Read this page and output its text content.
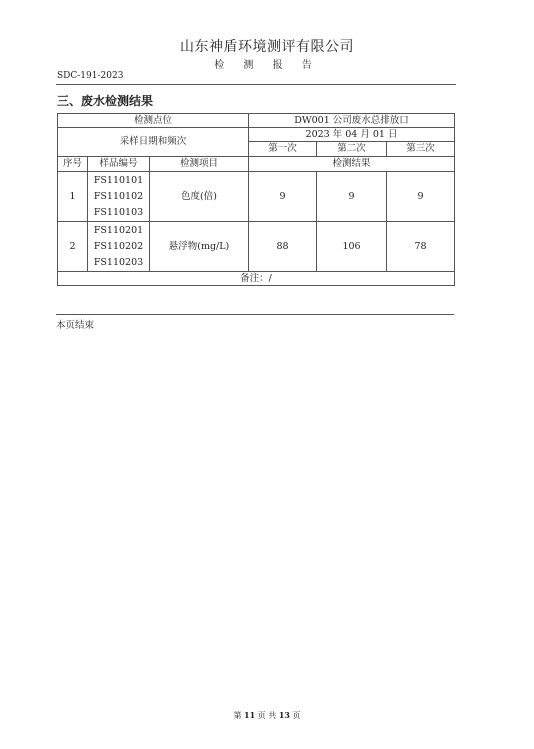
山东神盾环境测评有限公司
检 测 报 告
SDC-191-2023
三、废水检测结果
检测点位			DW001 公司废水总排放口		
采样日期和频次			2023 年 04 月 01 日		
			第一次	第二次	第三次
序号	样品编号	检测项目	检测结果		
1	FS110101
FS110102
FS110103	色度(倍)	9	9	9
2	FS110201
FS110202
FS110203	悬浮物(mg/L)	88	106	78
备注：/					
本页结束
第 11 页 共 13 页
